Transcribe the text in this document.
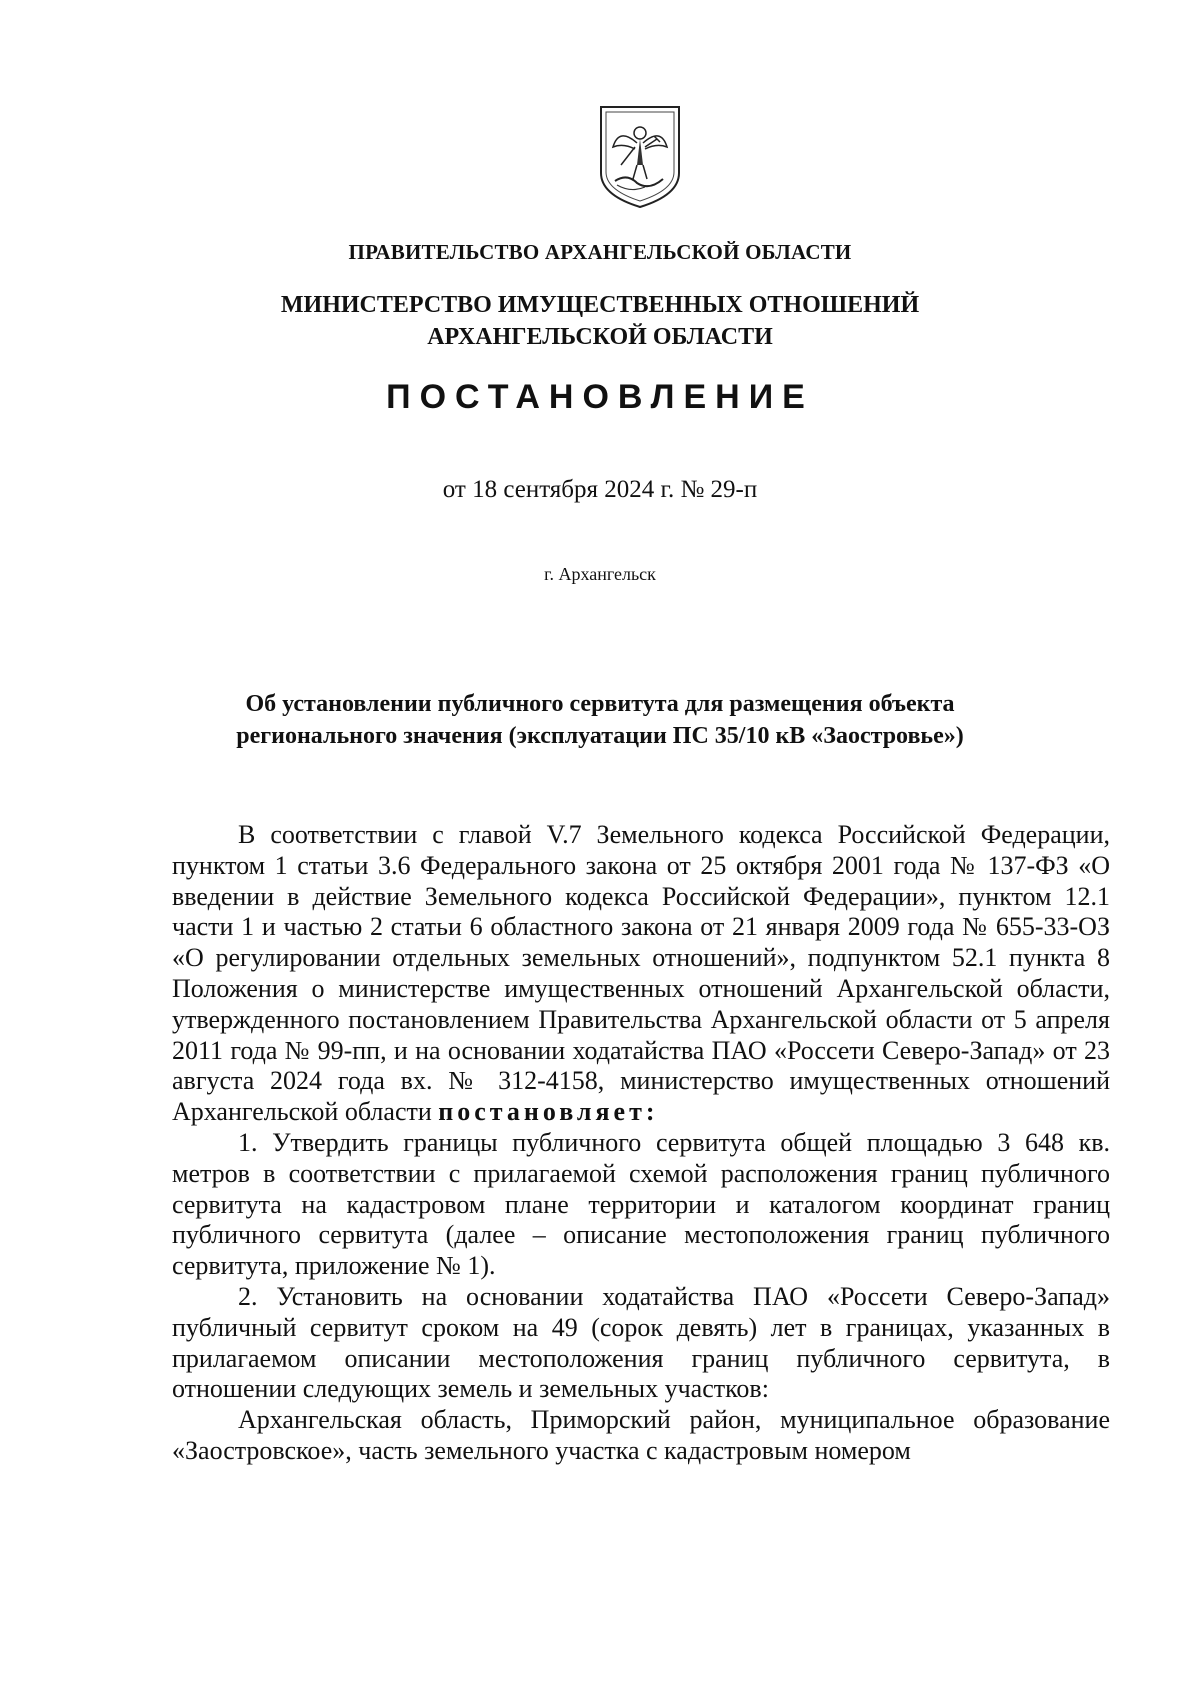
ПРАВИТЕЛЬСТВО АРХАНГЕЛЬСКОЙ ОБЛАСТИ
МИНИСТЕРСТВО ИМУЩЕСТВЕННЫХ ОТНОШЕНИЙ
АРХАНГЕЛЬСКОЙ ОБЛАСТИ
ПОСТАНОВЛЕНИЕ
от 18 сентября 2024 г. № 29-п
г. Архангельск
Об установлении публичного сервитута для размещения объекта
регионального значения (эксплуатации ПС 35/10 кВ «Заостровье»)

В соответствии с главой V.7 Земельного кодекса Российской Федерации, пунктом 1 статьи 3.6 Федерального закона от 25 октября 2001 года № 137-ФЗ «О введении в действие Земельного кодекса Российской Федерации», пунктом 12.1 части 1 и частью 2 статьи 6 областного закона от 21 января 2009 года № 655-33-ОЗ «О регулировании отдельных земельных отношений», подпунктом 52.1 пункта 8 Положения о министерстве имущественных отношений Архангельской области, утвержденного постановлением Правительства Архангельской области от 5 апреля 2011 года № 99-пп, и на основании ходатайства ПАО «Россети Северо-Запад» от 23 августа 2024 года вх. № 312-4158, министерство имущественных отношений Архангельской области постановляет:

1. Утвердить границы публичного сервитута общей площадью 3 648 кв. метров в соответствии с прилагаемой схемой расположения границ публичного сервитута на кадастровом плане территории и каталогом координат границ публичного сервитута (далее – описание местоположения границ публичного сервитута, приложение № 1).

2. Установить на основании ходатайства ПАО «Россети Северо-Запад» публичный сервитут сроком на 49 (сорок девять) лет в границах, указанных в прилагаемом описании местоположения границ публичного сервитута, в отношении следующих земель и земельных участков:

Архангельская область, Приморский район, муниципальное образование «Заостровское», часть земельного участка с кадастровым номером
